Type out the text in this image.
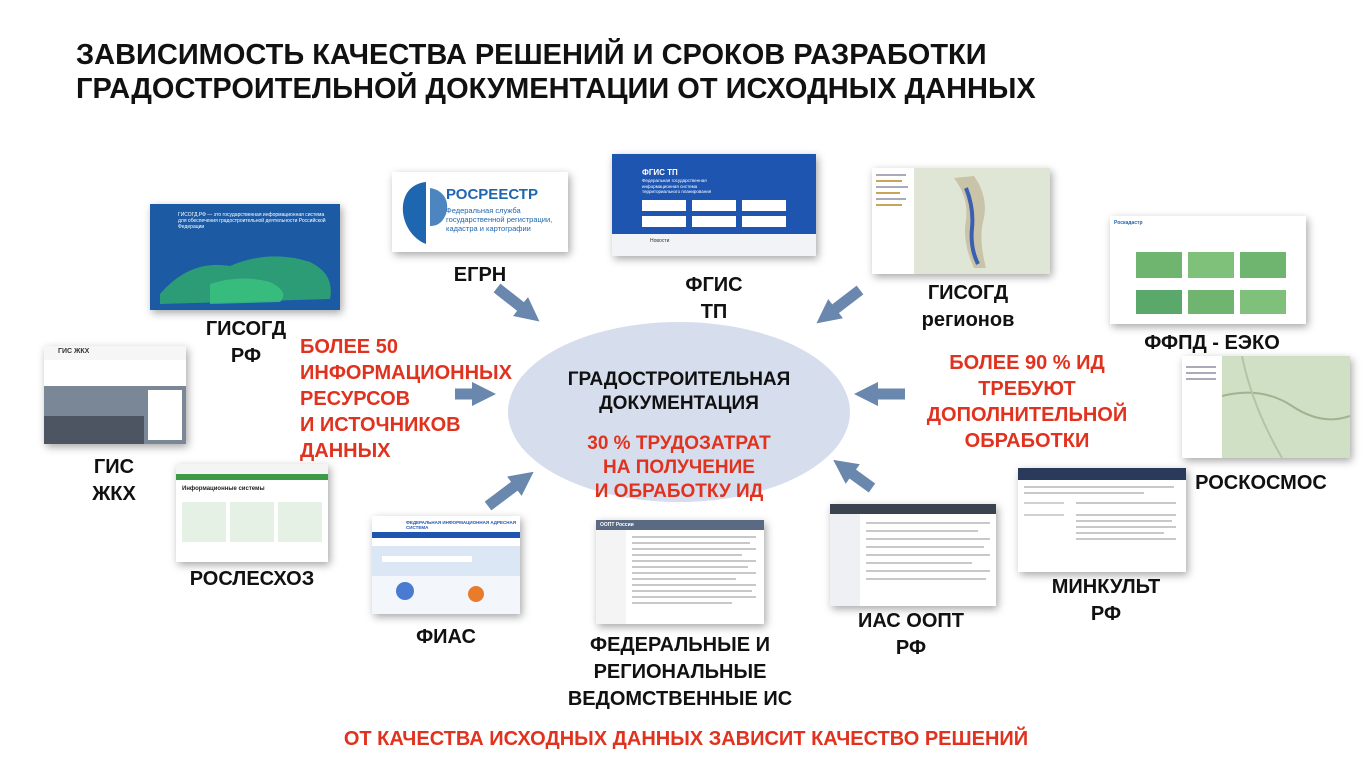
ЗАВИСИМОСТЬ КАЧЕСТВА РЕШЕНИЙ И СРОКОВ РАЗРАБОТКИ
ГРАДОСТРОИТЕЛЬНОЙ ДОКУМЕНТАЦИИ ОТ ИСХОДНЫХ ДАННЫХ
ГРАДОСТРОИТЕЛЬНАЯ
ДОКУМЕНТАЦИЯ
30 % ТРУДОЗАТРАТ
НА ПОЛУЧЕНИЕ
И ОБРАБОТКУ ИД
БОЛЕЕ 50
ИНФОРМАЦИОННЫХ
РЕСУРСОВ
И ИСТОЧНИКОВ
ДАННЫХ
БОЛЕЕ 90 % ИД
ТРЕБУЮТ
ДОПОЛНИТЕЛЬНОЙ
ОБРАБОТКИ
ГИСОГД.РФ — это государственная информационная система для обеспечения градостроительной деятельности Российской Федерации
ГИСОГД
РФ
РОСРЕЕСТР
Федеральная служба государственной регистрации, кадастра и картографии
ЕГРН
ФГИС ТП
Федеральная государственная информационная система территориального планирования
Новости
ФГИС
ТП
ГИСОГД
регионов
Роскадастр
ФФПД - ЕЭКО
ГИС ЖКХ
ГИС
ЖКХ	РОСКОСМОС
Информационные системы
РОСЛЕСХОЗ
ФЕДЕРАЛЬНАЯ ИНФОРМАЦИОННАЯ АДРЕСНАЯ СИСТЕМА
ФИАС
ООПТ России
ФЕДЕРАЛЬНЫЕ И
РЕГИОНАЛЬНЫЕ
ВЕДОМСТВЕННЫЕ ИС
ИАС ООПТ
РФ
МИНКУЛЬТ
РФ
ОТ КАЧЕСТВА ИСХОДНЫХ ДАННЫХ ЗАВИСИТ КАЧЕСТВО РЕШЕНИЙ
